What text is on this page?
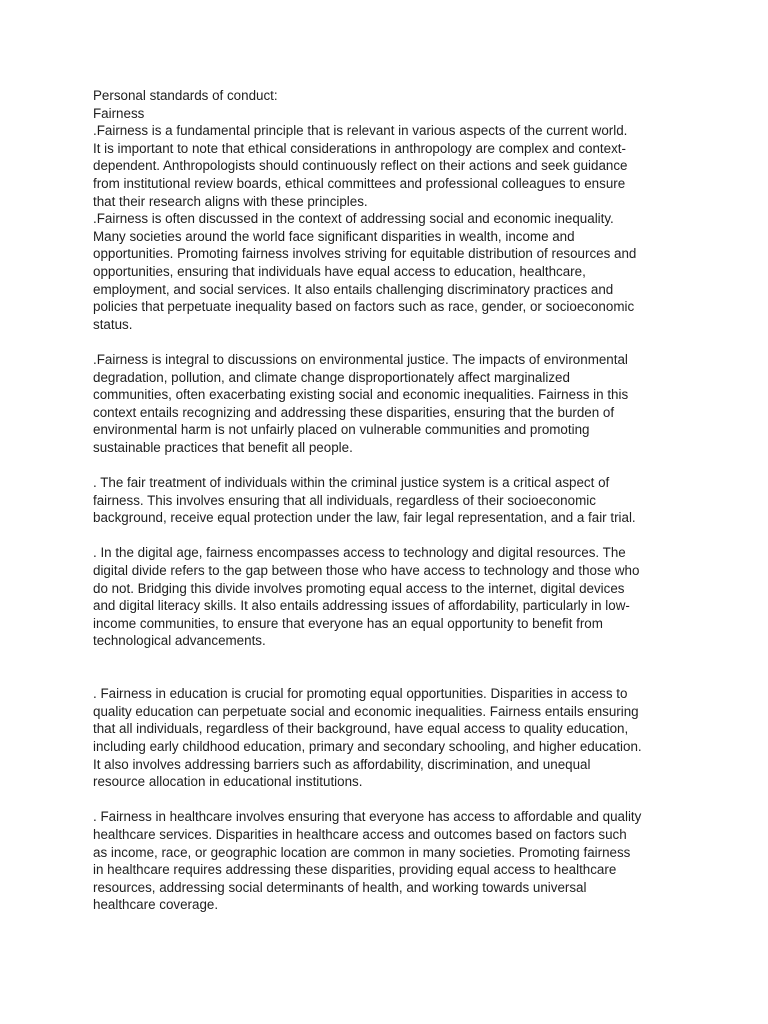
Personal standards of conduct:
Fairness
.Fairness is a fundamental principle that is relevant in various aspects of the current world.
It is important to note that ethical considerations in anthropology are complex and context-
dependent. Anthropologists should continuously reflect on their actions and seek guidance
from institutional review boards, ethical committees and professional colleagues to ensure
that their research aligns with these principles.
.Fairness is often discussed in the context of addressing social and economic inequality.
Many societies around the world face significant disparities in wealth, income and
opportunities. Promoting fairness involves striving for equitable distribution of resources and
opportunities, ensuring that individuals have equal access to education, healthcare,
employment, and social services. It also entails challenging discriminatory practices and
policies that perpetuate inequality based on factors such as race, gender, or socioeconomic
status.
.Fairness is integral to discussions on environmental justice. The impacts of environmental
degradation, pollution, and climate change disproportionately affect marginalized
communities, often exacerbating existing social and economic inequalities. Fairness in this
context entails recognizing and addressing these disparities, ensuring that the burden of
environmental harm is not unfairly placed on vulnerable communities and promoting
sustainable practices that benefit all people.
. The fair treatment of individuals within the criminal justice system is a critical aspect of
fairness. This involves ensuring that all individuals, regardless of their socioeconomic
background, receive equal protection under the law, fair legal representation, and a fair trial.
. In the digital age, fairness encompasses access to technology and digital resources. The
digital divide refers to the gap between those who have access to technology and those who
do not. Bridging this divide involves promoting equal access to the internet, digital devices
and digital literacy skills. It also entails addressing issues of affordability, particularly in low-
income communities, to ensure that everyone has an equal opportunity to benefit from
technological advancements.
. Fairness in education is crucial for promoting equal opportunities. Disparities in access to
quality education can perpetuate social and economic inequalities. Fairness entails ensuring
that all individuals, regardless of their background, have equal access to quality education,
including early childhood education, primary and secondary schooling, and higher education.
It also involves addressing barriers such as affordability, discrimination, and unequal
resource allocation in educational institutions.
. Fairness in healthcare involves ensuring that everyone has access to affordable and quality
healthcare services. Disparities in healthcare access and outcomes based on factors such
as income, race, or geographic location are common in many societies. Promoting fairness
in healthcare requires addressing these disparities, providing equal access to healthcare
resources, addressing social determinants of health, and working towards universal
healthcare coverage.
